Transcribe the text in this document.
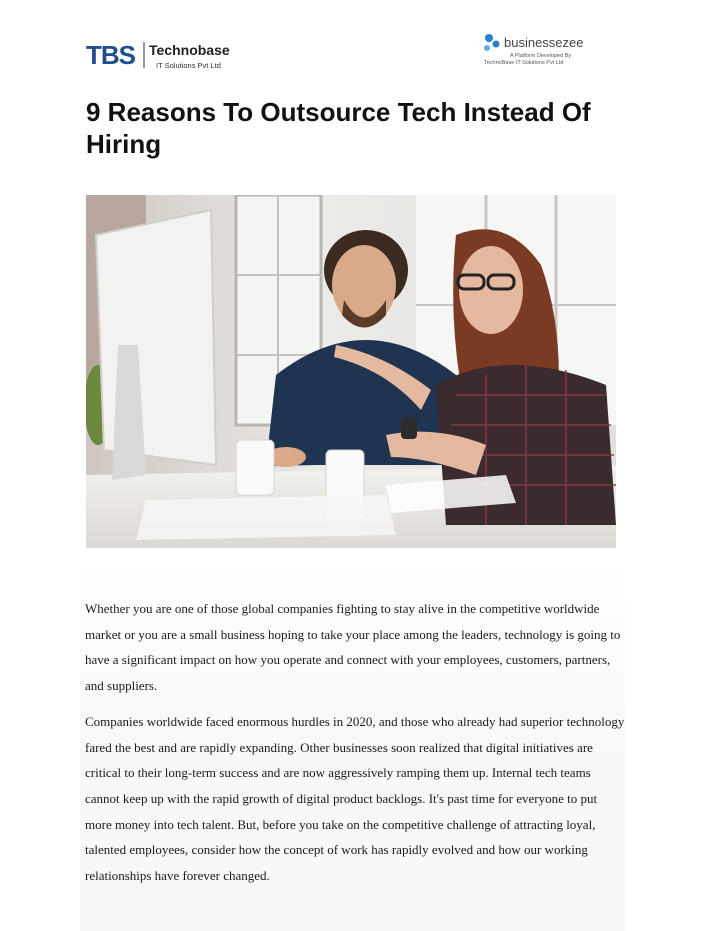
TBS Technobase
IT Solutions Pvt Ltd
businessezee
A Platform Developed By
TechnoBase IT Solutions Pvt Ltd
9 Reasons To Outsource Tech Instead Of Hiring

Whether you are one of those global companies fighting to stay alive in the competitive worldwide market or you are a small business hoping to take your place among the leaders, technology is going to have a significant impact on how you operate and connect with your employees, customers, partners, and suppliers.

Companies worldwide faced enormous hurdles in 2020, and those who already had superior technology fared the best and are rapidly expanding. Other businesses soon realized that digital initiatives are critical to their long-term success and are now aggressively ramping them up. Internal tech teams cannot keep up with the rapid growth of digital product backlogs. It's past time for everyone to put more money into tech talent. But, before you take on the competitive challenge of attracting loyal, talented employees, consider how the concept of work has rapidly evolved and how our working relationships have forever changed.
